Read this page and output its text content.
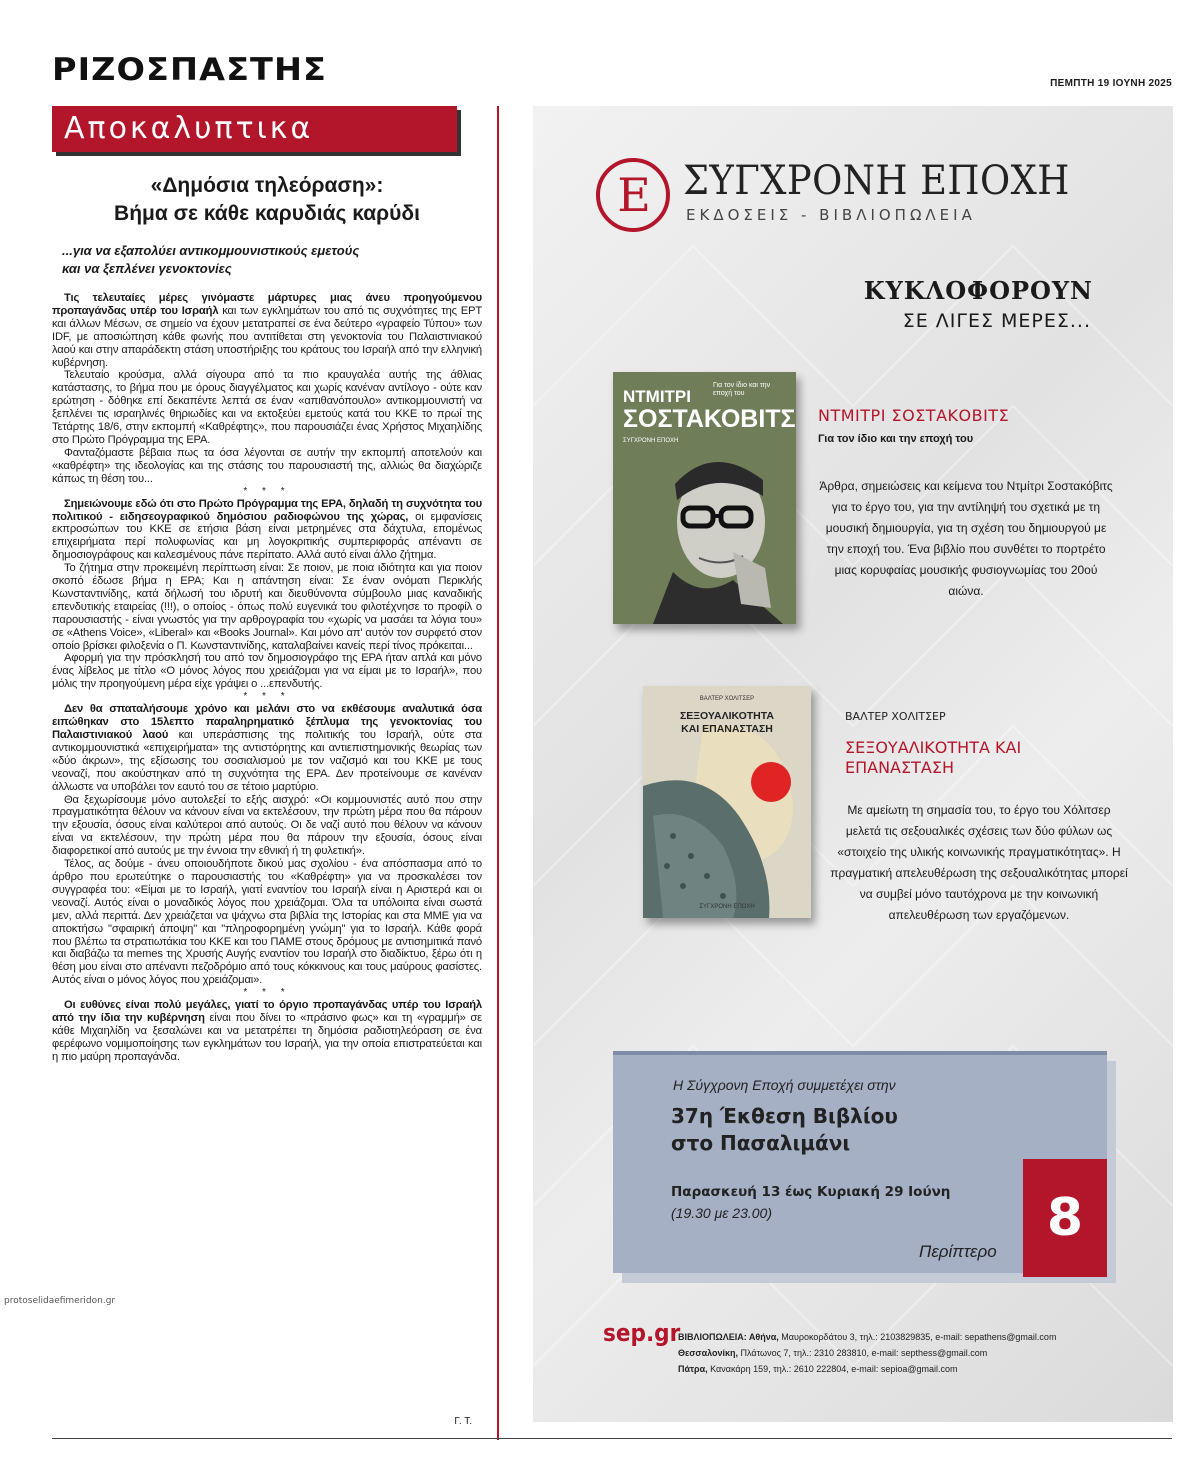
ΡΙΖΟΣΠΑΣΤΗΣ	ΠΕΜΠΤΗ 19 ΙΟΥΝΗ 2025
Αποκαλυπτικα
«Δημόσια τηλεόραση»:
Βήμα σε κάθε καρυδιάς καρύδι
...για να εξαπολύει αντικομμουνιστικούς εμετούς
και να ξεπλένει γενοκτονίες

Τις τελευταίες μέρες γινόμαστε μάρτυρες μιας άνευ προηγούμενου προπαγάνδας υπέρ του Ισραήλ και των εγκλημάτων του από τις συχνότητες της ΕΡΤ και άλλων Μέσων, σε σημείο να έχουν μετατραπεί σε ένα δεύτερο «γραφείο Τύπου» των IDF, με αποσιώπηση κάθε φωνής που αντιτίθεται στη γενοκτονία του Παλαιστινιακού λαού και στην απαράδεκτη στάση υποστήριξης του κράτους του Ισραήλ από την ελληνική κυβέρνηση.

Τελευταίο κρούσμα, αλλά σίγουρα από τα πιο κραυγαλέα αυτής της άθλιας κατάστασης, το βήμα που με όρους διαγγέλματος και χωρίς κανέναν αντίλογο - ούτε καν ερώτηση - δόθηκε επί δεκαπέντε λεπτά σε έναν «απιθανόπουλο» αντικομμουνιστή να ξεπλένει τις ισραηλινές θηριωδίες και να εκτοξεύει εμετούς κατά του ΚΚΕ το πρωί της Τετάρτης 18/6, στην εκπομπή «Καθρέφτης», που παρουσιάζει ένας Χρήστος Μιχαηλίδης στο Πρώτο Πρόγραμμα της ΕΡΑ.

Φανταζόμαστε βέβαια πως τα όσα λέγονται σε αυτήν την εκπομπή αποτελούν και «καθρέφτη» της ιδεολογίας και της στάσης του παρουσιαστή της, αλλιώς θα διαχώριζε κάπως τη θέση του...

* * *

Σημειώνουμε εδώ ότι στο Πρώτο Πρόγραμμα της ΕΡΑ, δηλαδή τη συχνότητα του πολιτικού - ειδησεογραφικού δημόσιου ραδιοφώνου της χώρας, οι εμφανίσεις εκπροσώπων του ΚΚΕ σε ετήσια βάση είναι μετρημένες στα δάχτυλα, επομένως επιχειρήματα περί πολυφωνίας και μη λογοκριτικής συμπεριφοράς απέναντι σε δημοσιογράφους και καλεσμένους πάνε περίπατο. Αλλά αυτό είναι άλλο ζήτημα.

Το ζήτημα στην προκειμένη περίπτωση είναι: Σε ποιον, με ποια ιδιότητα και για ποιον σκοπό έδωσε βήμα η ΕΡΑ; Και η απάντηση είναι: Σε έναν ονόματι Περικλής Κωνσταντινίδης, κατά δήλωσή του ιδρυτή και διευθύνοντα σύμβουλο μιας καναδικής επενδυτικής εταιρείας (!!!), ο οποίος - όπως πολύ ευγενικά του φιλοτέχνησε το προφίλ ο παρουσιαστής - είναι γνωστός για την αρθρογραφία του «χωρίς να μασάει τα λόγια του» σε «Athens Voice», «Liberal» και «Books Journal». Και μόνο απ' αυτόν τον συρφετό στον οποίο βρίσκει φιλοξενία ο Π. Κωνσταντινίδης, καταλαβαίνει κανείς περί τίνος πρόκειται...

Αφορμή για την πρόσκλησή του από τον δημοσιογράφο της ΕΡΑ ήταν απλά και μόνο ένας λίβελος με τίτλο «Ο μόνος λόγος που χρειάζομαι για να είμαι με το Ισραήλ», που μόλις την προηγούμενη μέρα είχε γράψει ο ...επενδυτής.

* * *

Δεν θα σπαταλήσουμε χρόνο και μελάνι στο να εκθέσουμε αναλυτικά όσα ειπώθηκαν στο 15λεπτο παραληρηματικό ξέπλυμα της γενοκτονίας του Παλαιστινιακού λαού και υπεράσπισης της πολιτικής του Ισραήλ, ούτε στα αντικομμουνιστικά «επιχειρήματα» της αντιστόρητης και αντιεπιστημονικής θεωρίας των «δύο άκρων», της εξίσωσης του σοσιαλισμού με τον ναζισμό και του ΚΚΕ με τους νεοναζί, που ακούστηκαν από τη συχνότητα της ΕΡΑ. Δεν προτείνουμε σε κανέναν άλλωστε να υποβάλει τον εαυτό του σε τέτοιο μαρτύριο.

Θα ξεχωρίσουμε μόνο αυτολεξεί το εξής αισχρό: «Οι κομμουνιστές αυτό που στην πραγματικότητα θέλουν να κάνουν είναι να εκτελέσουν, την πρώτη μέρα που θα πάρουν την εξουσία, όσους είναι καλύτεροι από αυτούς. Οι δε ναζί αυτό που θέλουν να κάνουν είναι να εκτελέσουν, την πρώτη μέρα που θα πάρουν την εξουσία, όσους είναι διαφορετικοί από αυτούς με την έννοια την εθνική ή τη φυλετική».

Τέλος, ας δούμε - άνευ οποιουδήποτε δικού μας σχολίου - ένα απόσπασμα από το άρθρο που ερωτεύτηκε ο παρουσιαστής του «Καθρέφτη» για να προσκαλέσει τον συγγραφέα του: «Είμαι με το Ισραήλ, γιατί εναντίον του Ισραήλ είναι η Αριστερά και οι νεοναζί. Αυτός είναι ο μοναδικός λόγος που χρειάζομαι. Όλα τα υπόλοιπα είναι σωστά μεν, αλλά περιττά. Δεν χρειάζεται να ψάχνω στα βιβλία της Ιστορίας και στα ΜΜΕ για να αποκτήσω "σφαιρική άποψη" και "πληροφορημένη γνώμη" για το Ισραήλ. Κάθε φορά που βλέπω τα στρατιωτάκια του ΚΚΕ και του ΠΑΜΕ στους δρόμους με αντισημιτικά πανό και διαβάζω τα memes της Χρυσής Αυγής εναντίον του Ισραήλ στο διαδίκτυο, ξέρω ότι η θέση μου είναι στο απέναντι πεζοδρόμιο από τους κόκκινους και τους μαύρους φασίστες. Αυτός είναι ο μόνος λόγος που χρειάζομαι».

* * *

Οι ευθύνες είναι πολύ μεγάλες, γιατί το όργιο προπαγάνδας υπέρ του Ισραήλ από την ίδια την κυβέρνηση είναι που δίνει το «πράσινο φως» και τη «γραμμή» σε κάθε Μιχαηλίδη να ξεσαλώνει και να μετατρέπει τη δημόσια ραδιοτηλεόραση σε ένα φερέφωνο νομιμοποίησης των εγκλημάτων του Ισραήλ, για την οποία επιστρατεύεται και η πιο μαύρη προπαγάνδα.

Γ. Τ.
protoselidaefimeridon.gr
Ε ΣΥΓΧΡΟΝΗ ΕΠΟΧΗ
ΕΚΔΟΣΕΙΣ - ΒΙΒΛΙΟΠΩΛΕΙΑ
ΚΥΚΛΟΦΟΡΟΥΝ
ΣΕ ΛΙΓΕΣ ΜΕΡΕΣ...
ΝΤΜΙΤΡΙ
ΣΟΣΤΑΚΟΒΙΤΣ
Για τον ίδιο και την εποχή του
ΣΥΓΧΡΟΝΗ ΕΠΟΧΗ
ΝΤΜΙΤΡΙ ΣΟΣΤΑΚΟΒΙΤΣ
Για τον ίδιο και την εποχή του
Άρθρα, σημειώσεις και κείμενα του Ντμίτρι Σοστακόβιτς για το έργο του, για την αντίληψή του σχετικά με τη μουσική δημιουργία, για τη σχέση του δημιουργού με την εποχή του. Ένα βιβλίο που συνθέτει το πορτρέτο μιας κορυφαίας μουσικής φυσιογνωμίας του 20ού αιώνα.
ΒΑΛΤΕΡ ΧΟΛΙΤΣΕΡ
ΣΕΞΟΥΑΛΙΚΟΤΗΤΑ
ΚΑΙ ΕΠΑΝΑΣΤΑΣΗ
ΣΥΓΧΡΟΝΗ ΕΠΟΧΗ
ΒΑΛΤΕΡ ΧΟΛΙΤΣΕΡ
ΣΕΞΟΥΑΛΙΚΟΤΗΤΑ ΚΑΙ
ΕΠΑΝΑΣΤΑΣΗ
Με αμείωτη τη σημασία του, το έργο του Χόλιτσερ μελετά τις σεξουαλικές σχέσεις των δύο φύλων ως «στοιχείο της υλικής κοινωνικής πραγματικότητας». Η πραγματική απελευθέρωση της σεξουαλικότητας μπορεί να συμβεί μόνο ταυτόχρονα με την κοινωνική απελευθέρωση των εργαζόμενων.
Η Σύγχρονη Εποχή συμμετέχει στην
37η Έκθεση Βιβλίου
στο Πασαλιμάνι
Παρασκευή 13 έως Κυριακή 29 Ιούνη
(19.30 με 23.00)
Περίπτερο
8
sep.gr
ΒΙΒΛΙΟΠΩΛΕΙΑ: Αθήνα, Μαυροκορδάτου 3, τηλ.: 2103829835, e-mail: sepathens@gmail.com
Θεσσαλονίκη, Πλάτωνος 7, τηλ.: 2310 283810, e-mail: septhess@gmail.com
Πάτρα, Κανακάρη 159, τηλ.: 2610 222804, e-mail: sepioa@gmail.com
